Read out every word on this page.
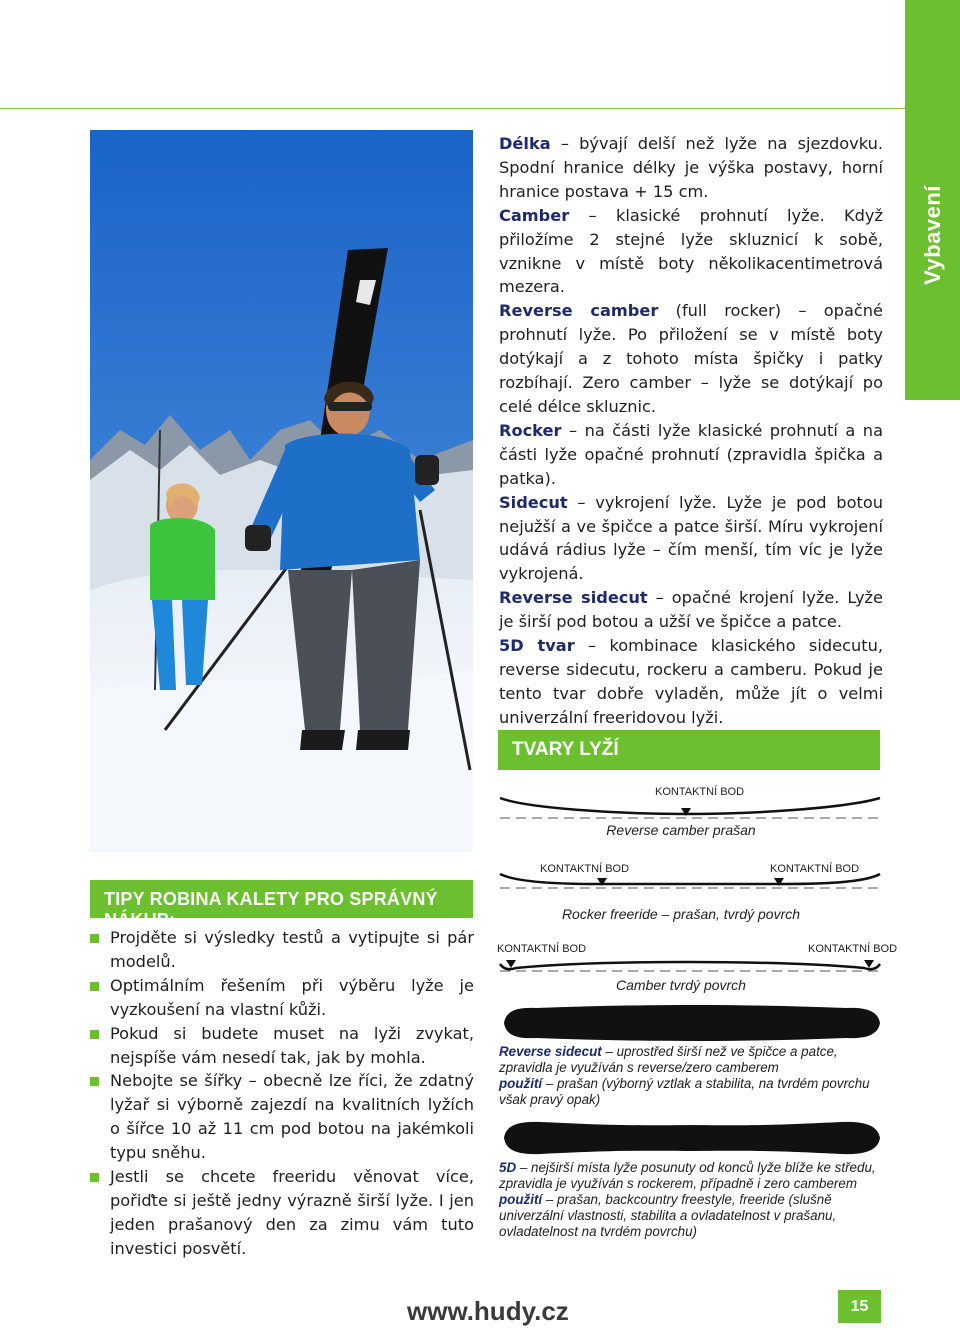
Vybavení

Délka – bývají delší než lyže na sjezdovku. Spodní hranice délky je výška postavy, horní hranice postava + 15 cm.

Camber – klasické prohnutí lyže. Když přiložíme 2 stejné lyže skluznicí k sobě, vznikne v místě boty několikacentimetrová mezera.

Reverse camber (full rocker) – opačné prohnutí lyže. Po přiložení se v místě boty dotýkají a z tohoto místa špičky i patky rozbíhají. Zero camber – lyže se dotýkají po celé délce skluznic.

Rocker – na části lyže klasické prohnutí a na části lyže opačné prohnutí (zpravidla špička a patka).

Sidecut – vykrojení lyže. Lyže je pod botou nejužší a ve špičce a patce širší. Míru vykrojení udává rádius lyže – čím menší, tím víc je lyže vykrojená.

Reverse sidecut – opačné krojení lyže. Lyže je širší pod botou a užší ve špičce a patce.

5D tvar – kombinace klasického sidecutu, reverse sidecutu, rockeru a camberu. Pokud je tento tvar dobře vyladěn, může jít o velmi univerzální freeridovou lyži.

TVARY LYŽÍ
KONTAKTNÍ BOD
Reverse camber prašan
KONTAKTNÍ BOD	KONTAKTNÍ BOD
Rocker freeride – prašan, tvrdý povrch
KONTAKTNÍ BOD	KONTAKTNÍ BOD
Camber tvrdý povrch
Reverse sidecut – uprostřed širší než ve špičce a patce, zpravidla je využíván s reverse/zero camberem
použití – prašan (výborný vztlak a stabilita, na tvrdém povrchu však pravý opak)
5D – nejširší místa lyže posunuty od konců lyže blíže ke středu, zpravidla je využíván s rockerem, případně i zero camberem
použití – prašan, backcountry freestyle, freeride (slušně univerzální vlastnosti, stabilita a ovladatelnost v prašanu, ovladatelnost na tvrdém povrchu)
TIPY ROBINA KALETY PRO SPRÁVNÝ NÁKUP:
Projděte si výsledky testů a vytipujte si pár modelů.
Optimálním řešením při výběru lyže je vyzkoušení na vlastní kůži.
Pokud si budete muset na lyži zvykat, nejspíše vám nesedí tak, jak by mohla.
Nebojte se šířky – obecně lze říci, že zdatný lyžař si výborně zajezdí na kvalitních lyžích o šířce 10 až 11 cm pod botou na jakémkoli typu sněhu.
Jestli se chcete freeridu věnovat více, pořiďte si ještě jedny výrazně širší lyže. I jen jeden prašanový den za zimu vám tuto investici posvětí.
www.hudy.cz	15
